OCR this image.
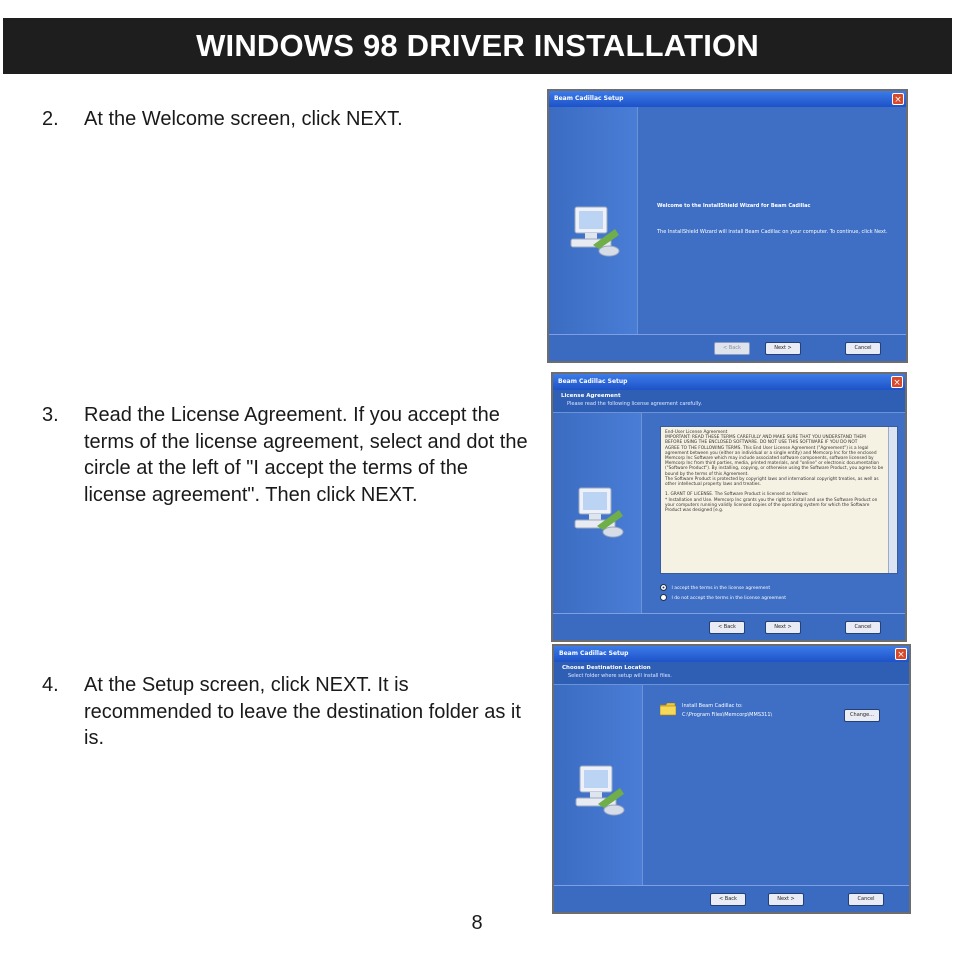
WINDOWS 98 DRIVER INSTALLATION
2. At the Welcome screen, click NEXT.
3. Read the License Agreement. If you accept the terms of the license agreement, select and dot the circle at the left of "I accept the terms of the license agreement". Then click NEXT.
4. At the Setup screen, click NEXT. It is recommended to leave the destination folder as it is.
Beam Cadillac Setup	×
Welcome to the InstallShield Wizard for Beam Cadillac
The InstallShield Wizard will install Beam Cadillac on your computer. To continue, click Next.
< Back	Next >	Cancel
Beam Cadillac Setup	×
License Agreement
Please read the following license agreement carefully.
End-User License Agreement
IMPORTANT: READ THESE TERMS CAREFULLY AND MAKE SURE THAT YOU UNDERSTAND THEM
BEFORE USING THE ENCLOSED SOFTWARE. DO NOT USE THIS SOFTWARE IF YOU DO NOT
AGREE TO THE FOLLOWING TERMS. This End User License Agreement ("Agreement") is a legal agreement between you (either an individual or a single entity) and Memcorp Inc for the enclosed Memcorp Inc Software which may include associated software components, software licensed by Memcorp Inc from third parties, media, printed materials, and "online" or electronic documentation ("Software Product"). By installing, copying, or otherwise using the Software Product, you agree to be bound by the terms of this Agreement.
The Software Product is protected by copyright laws and international copyright treaties, as well as other intellectual property laws and treaties.

1. GRANT OF LICENSE. The Software Product is licensed as follows:
* Installation and Use. Memcorp Inc grants you the right to install and use the Software Product on your computers running validly licensed copies of the operating system for which the Software Product was designed [e.g.
I accept the terms in the license agreement
I do not accept the terms in the license agreement
< Back	Next >	Cancel
Beam Cadillac Setup	×
Choose Destination Location
Select folder where setup will install files.
Install Beam Cadillac to:
C:\Program Files\Memcorp\MMS311\	Change...
< Back	Next >	Cancel
8
